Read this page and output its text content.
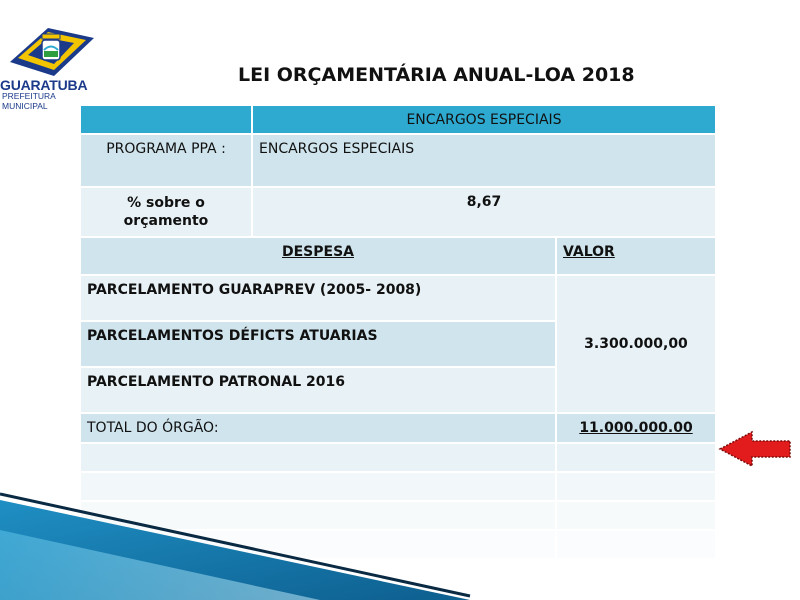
GUARATUBA
PREFEITURA MUNICIPAL
LEI ORÇAMENTÁRIA ANUAL-LOA 2018
	ENCARGOS ESPECIAIS	
PROGRAMA PPA :	ENCARGOS ESPECIAIS	
% sobre o orçamento	8,67	
DESPESA		VALOR
PARCELAMENTO GUARAPREV (2005- 2008)		3.300.000,00
PARCELAMENTOS DÉFICTS ATUARIAS		
PARCELAMENTO PATRONAL 2016		
TOTAL DO ÓRGÃO:		11.000.000.00
